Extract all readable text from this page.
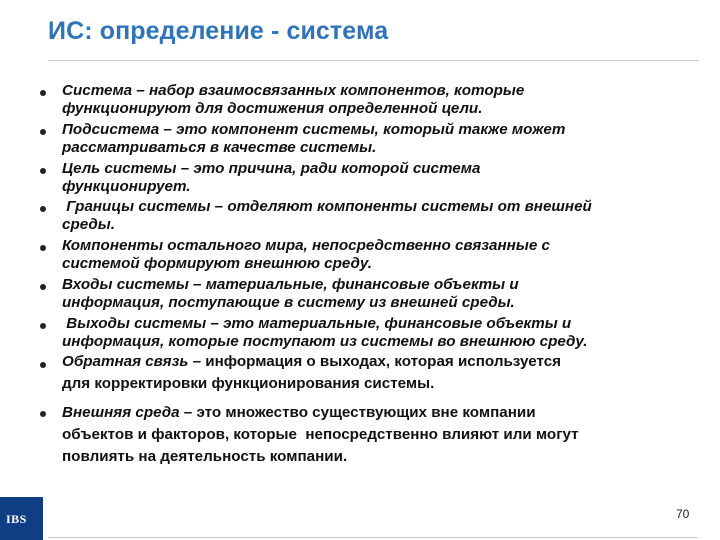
ИС: определение - система
Система – набор взаимосвязанных компонентов, которые
функционируют для достижения определенной цели.
Подсистема – это компонент системы, который также может
рассматриваться в качестве системы.
Цель системы – это причина, ради которой система
функционирует.
Границы системы – отделяют компоненты системы от внешней
среды.
Компоненты остального мира, непосредственно связанные с
системой формируют внешнюю среду.
Входы системы – материальные, финансовые объекты и
информация, поступающие в систему из внешней среды.
Выходы системы – это материальные, финансовые объекты и
информация, которые поступают из системы во внешнюю среду.
Обратная связь – информация о выходах, которая используется
для корректировки функционирования системы.
Внешняя среда – это множество существующих вне компании
объектов и факторов, которые  непосредственно влияют или могут
повлиять на деятельность компании.
IBS	70
